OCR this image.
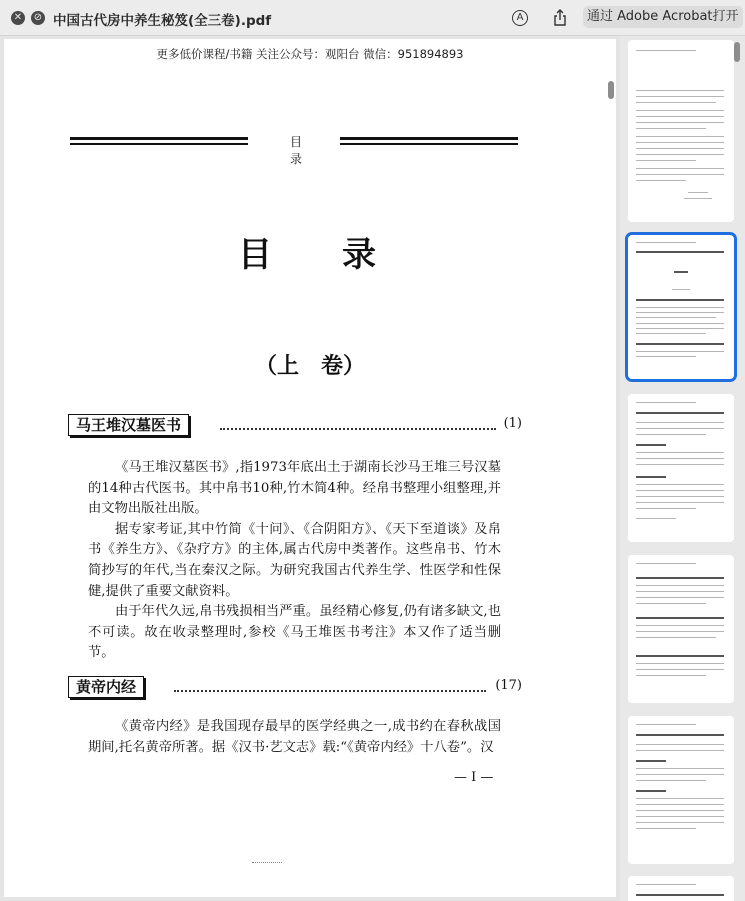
✕ ⊘ 中国古代房中养生秘笈(全三卷).pdf	A	通过 Adobe Acrobat打开
更多低价课程/书籍 关注公众号：观阳台 微信：951894893
目录
目录
（上　卷）
马王堆汉墓医书	(1)

《马王堆汉墓医书》,指1973年底出土于湖南长沙马王堆三号汉墓的14种古代医书。其中帛书10种,竹木简4种。经帛书整理小组整理,并由文物出版社出版。

据专家考证,其中竹简《十问》、《合阴阳方》、《天下至道谈》及帛书《养生方》、《杂疗方》的主体,属古代房中类著作。这些帛书、竹木简抄写的年代,当在秦汉之际。为研究我国古代养生学、性医学和性保健,提供了重要文献资料。

由于年代久远,帛书残损相当严重。虽经精心修复,仍有诸多缺文,也不可读。故在收录整理时,参校《马王堆医书考注》本又作了适当删节。

黄帝内经	(17)

《黄帝内经》是我国现存最早的医学经典之一,成书约在春秋战国期间,托名黄帝所著。据《汉书·艺文志》载:“《黄帝内经》十八卷”。汉

— I —
